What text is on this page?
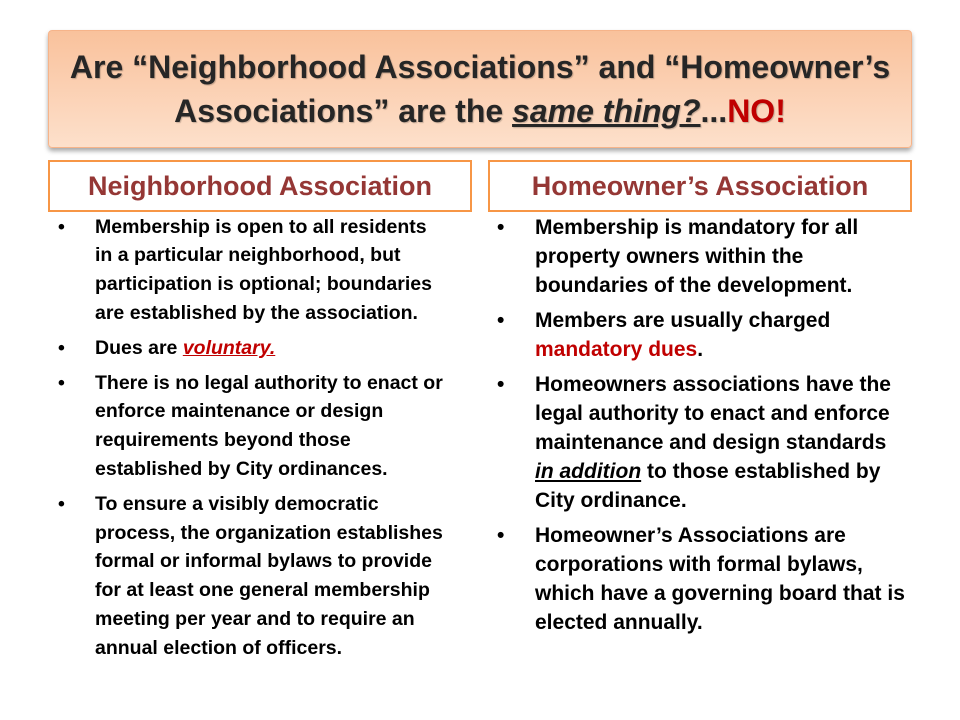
Are “Neighborhood Associations” and “Homeowner’s
Associations” are the same thing?...NO!
Neighborhood Association	Homeowner’s Association
• Membership is open to all residents in a particular neighborhood, but participation is optional; boundaries are established by the association.
• Dues are voluntary.
• There is no legal authority to enact or enforce maintenance or design requirements beyond those established by City ordinances.
• To ensure a visibly democratic process, the organization establishes formal or informal bylaws to provide for at least one general membership meeting per year and to require an annual election of officers.
• Membership is mandatory for all property owners within the boundaries of the development.
• Members are usually charged mandatory dues.
• Homeowners associations have the legal authority to enact and enforce maintenance and design standards in addition to those established by City ordinance.
• Homeowner’s Associations are corporations with formal bylaws, which have a governing board that is elected annually.
